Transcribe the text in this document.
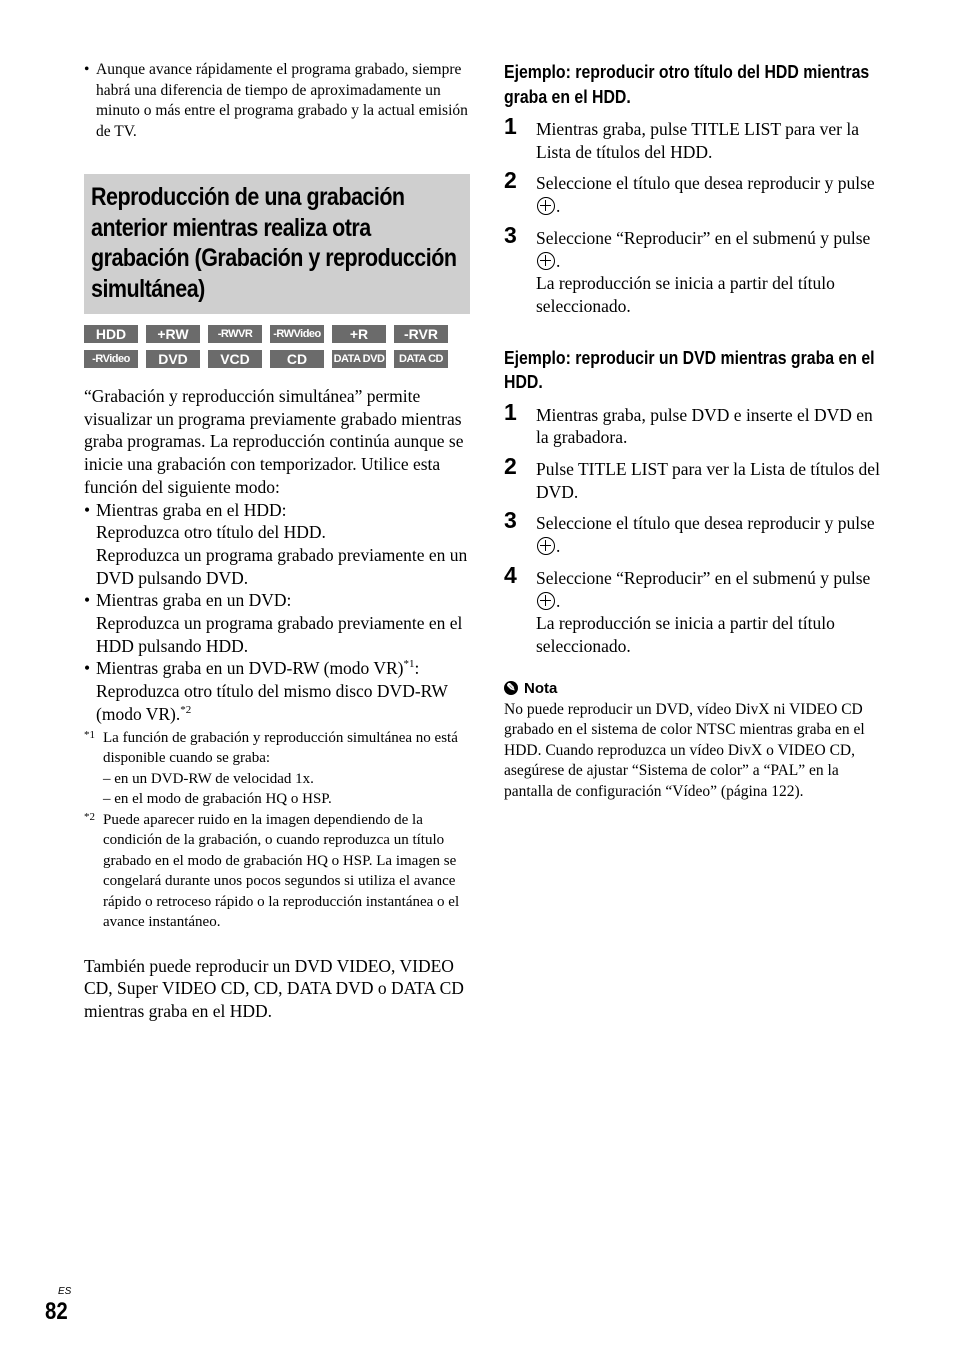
• Aunque avance rápidamente el programa grabado, siempre habrá una diferencia de tiempo de aproximadamente un minuto o más entre el programa grabado y la actual emisión de TV.
Reproducción de una grabación anterior mientras realiza otra grabación (Grabación y reproducción simultánea)
HDD	+RW	-RWVR	-RWVideo	+R	-RVR
-RVideo	DVD	VCD	CD	DATA DVD	DATA CD

“Grabación y reproducción simultánea” permite visualizar un programa previamente grabado mientras graba programas. La reproducción continúa aunque se inicie una grabación con temporizador. Utilice esta función del siguiente modo:

• Mientras graba en el HDD:
Reproduzca otro título del HDD.
Reproduzca un programa grabado previamente en un DVD pulsando DVD.
• Mientras graba en un DVD:
Reproduzca un programa grabado previamente en el HDD pulsando HDD.
• Mientras graba en un DVD-RW (modo VR)$^{*1}$:
Reproduzca otro título del mismo disco DVD-RW (modo VR).$^{*2}$
*1 La función de grabación y reproducción simultánea no está disponible cuando se graba:
– en un DVD-RW de velocidad 1x.
– en el modo de grabación HQ o HSP.
*2 Puede aparecer ruido en la imagen dependiendo de la condición de la grabación, o cuando reproduzca un título grabado en el modo de grabación HQ o HSP. La imagen se congelará durante unos pocos segundos si utiliza el avance rápido o retroceso rápido o la reproducción instantánea o el avance instantáneo.
También puede reproducir un DVD VIDEO, VIDEO CD, Super VIDEO CD, CD, DATA DVD o DATA CD mientras graba en el HDD.
Ejemplo: reproducir otro título del HDD mientras graba en el HDD.
1 Mientras graba, pulse TITLE LIST para ver la Lista de títulos del HDD.
2 Seleccione el título que desea reproducir y pulse .
3 Seleccione “Reproducir” en el submenú y pulse .
La reproducción se inicia a partir del título seleccionado.
Ejemplo: reproducir un DVD mientras graba en el HDD.
1 Mientras graba, pulse DVD e inserte el DVD en la grabadora.
2 Pulse TITLE LIST para ver la Lista de títulos del DVD.
3 Seleccione el título que desea reproducir y pulse .
4 Seleccione “Reproducir” en el submenú y pulse .
La reproducción se inicia a partir del título seleccionado.
✎ Nota
No puede reproducir un DVD, vídeo DivX ni VIDEO CD grabado en el sistema de color NTSC mientras graba en el HDD. Cuando reproduzca un vídeo DivX o VIDEO CD, asegúrese de ajustar “Sistema de color” a “PAL” en la pantalla de configuración “Vídeo” (página 122).
ES
82
